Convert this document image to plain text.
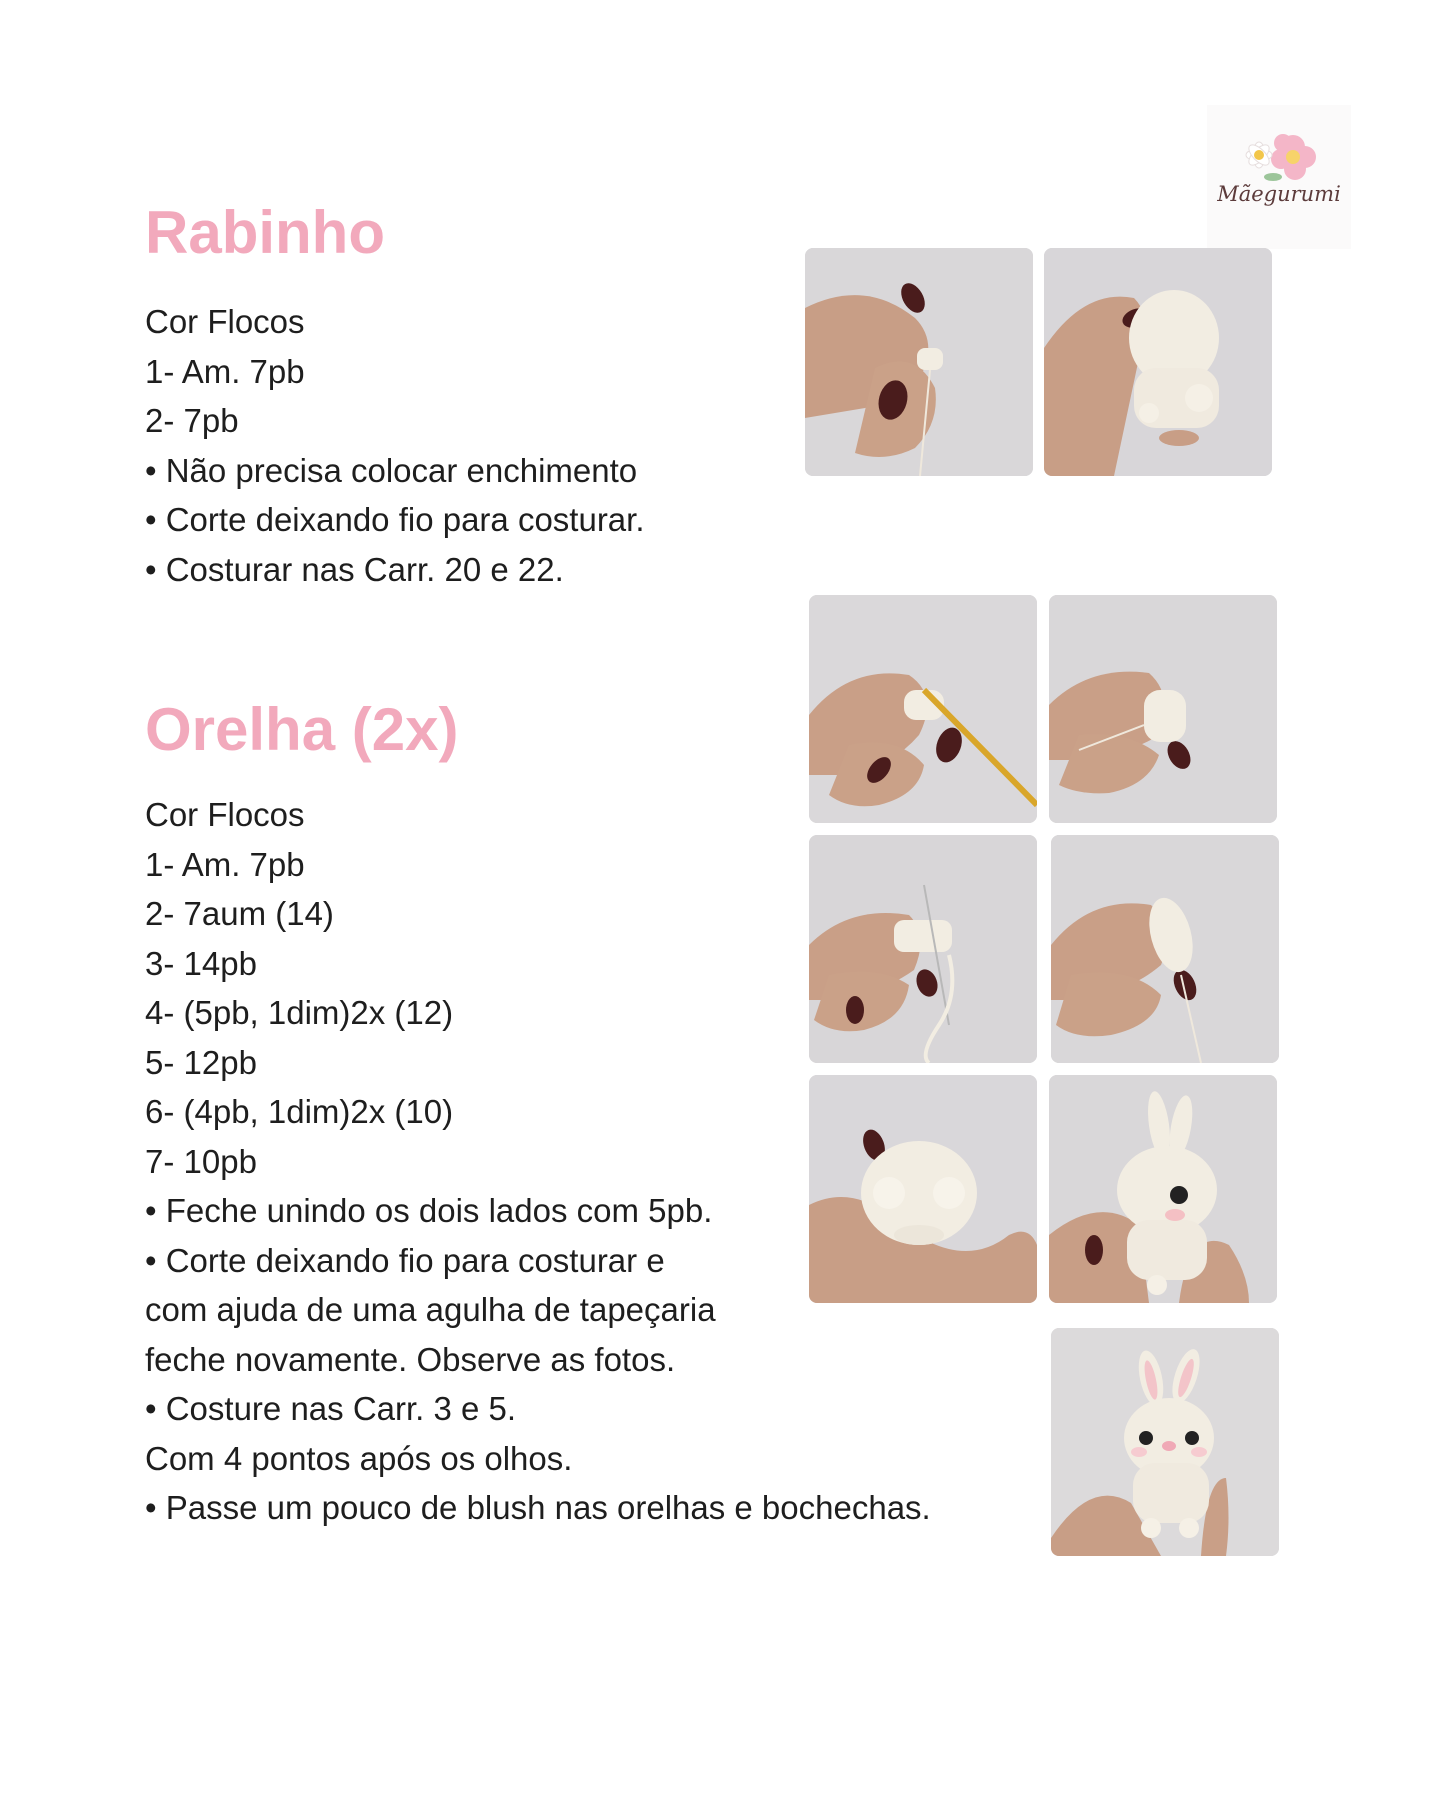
Mãegurumi
Rabinho
Cor Flocos
1- Am. 7pb
2- 7pb
• Não precisa colocar enchimento
• Corte deixando fio para costurar.
• Costurar nas Carr. 20 e 22.
Orelha (2x)
Cor Flocos
1- Am. 7pb
2- 7aum (14)
3- 14pb
4- (5pb, 1dim)2x (12)
5- 12pb
6- (4pb, 1dim)2x (10)
7- 10pb
• Feche unindo os dois lados com 5pb.
• Corte deixando fio para costurar e
com ajuda de uma agulha de tapeçaria
feche novamente. Observe as fotos.
• Costure nas Carr. 3 e 5.
Com 4 pontos após os olhos.
• Passe um pouco de blush nas orelhas e bochechas.
